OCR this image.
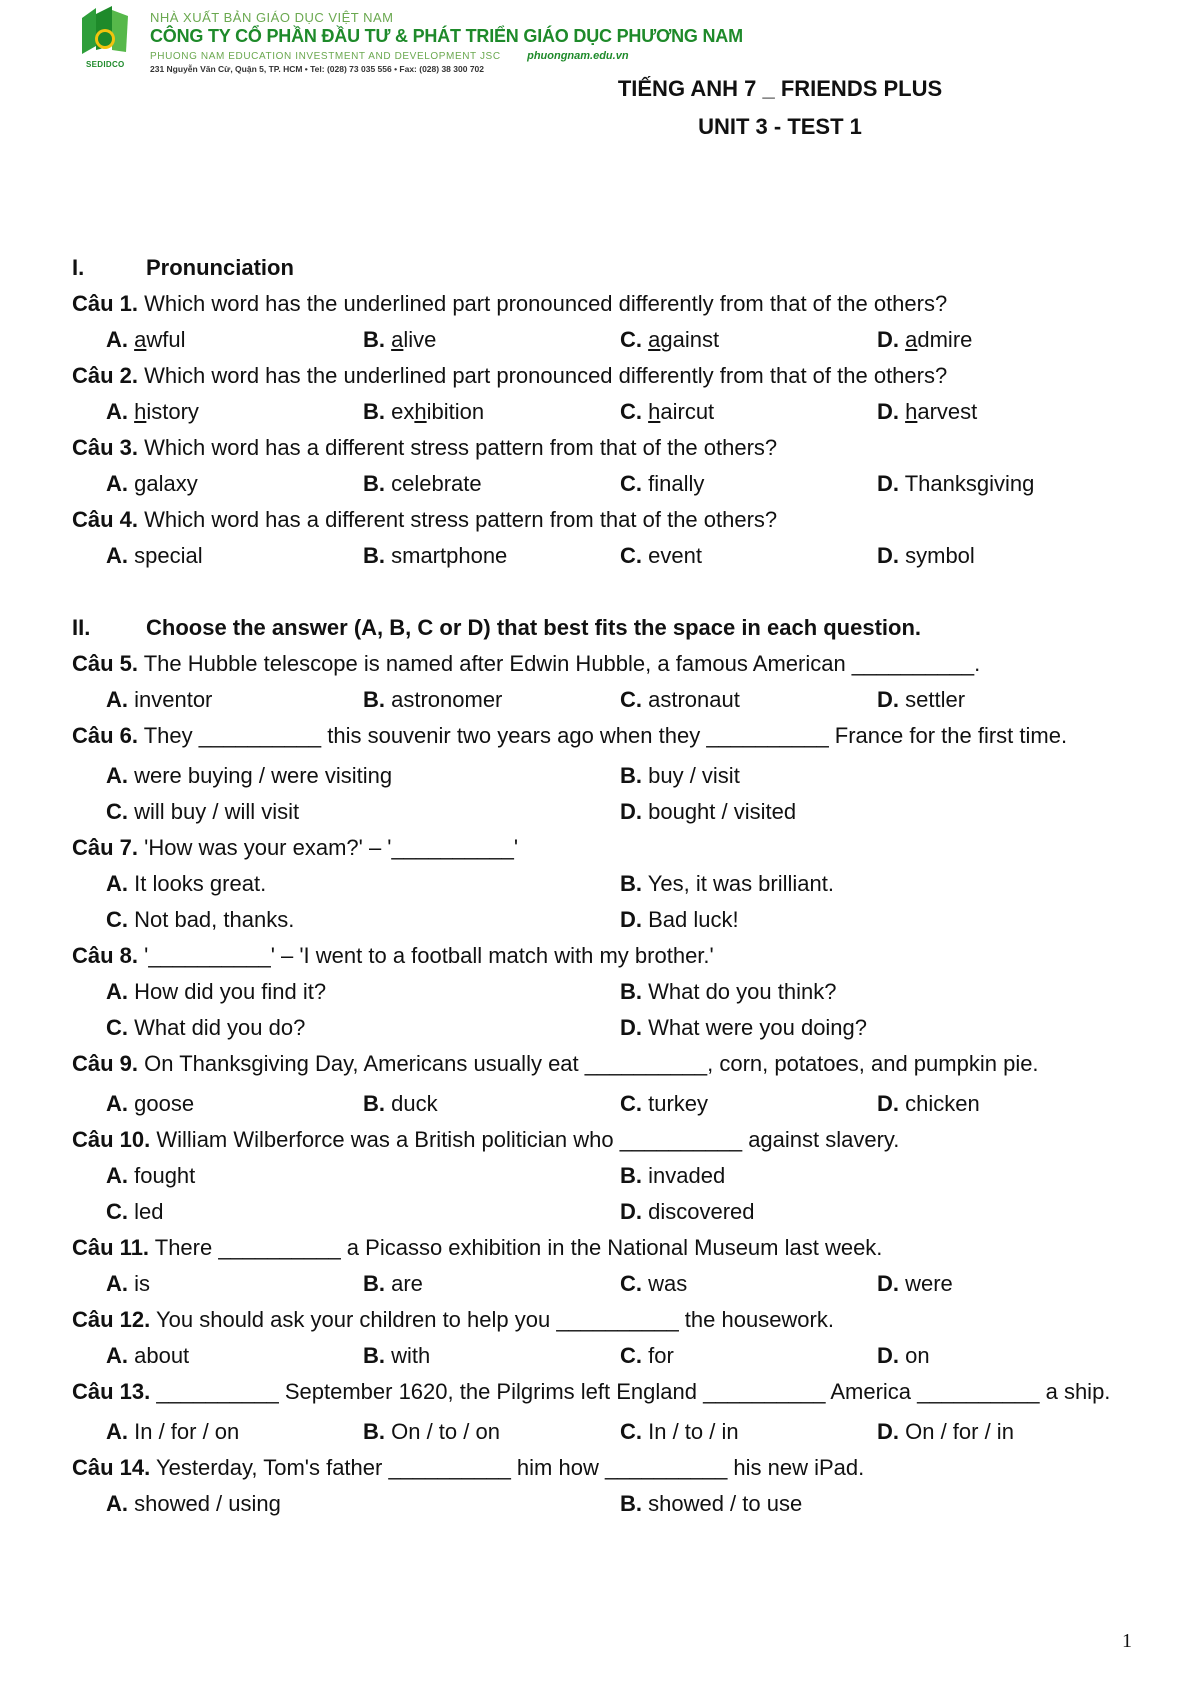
SEDIDCO
NHÀ XUẤT BẢN GIÁO DỤC VIỆT NAM
CÔNG TY CỔ PHẦN ĐẦU TƯ & PHÁT TRIỂN GIÁO DỤC PHƯƠNG NAM
PHUONG NAM EDUCATION INVESTMENT AND DEVELOPMENT JSC phuongnam.edu.vn
231 Nguyễn Văn Cừ, Quận 5, TP. HCM • Tel: (028) 73 035 556 • Fax: (028) 38 300 702
TIẾNG ANH 7 _ FRIENDS PLUS
UNIT 3 - TEST 1
I.	Pronunciation
Câu 1. Which word has the underlined part pronounced differently from that of the others?
A. awful	B. alive	C. against	D. admire
Câu 2. Which word has the underlined part pronounced differently from that of the others?
A. history	B. exhibition	C. haircut	D. harvest
Câu 3. Which word has a different stress pattern from that of the others?
A. galaxy	B. celebrate	C. finally	D. Thanksgiving
Câu 4. Which word has a different stress pattern from that of the others?
A. special	B. smartphone	C. event	D. symbol
II.	Choose the answer (A, B, C or D) that best fits the space in each question.
Câu 5. The Hubble telescope is named after Edwin Hubble, a famous American __________.
A. inventor	B. astronomer	C. astronaut	D. settler
Câu 6. They __________ this souvenir two years ago when they __________ France for the first time.
A. were buying / were visiting	B. buy / visit
C. will buy / will visit	D. bought / visited
Câu 7. 'How was your exam?' – '__________'
A. It looks great.	B. Yes, it was brilliant.
C. Not bad, thanks.	D. Bad luck!
Câu 8. '__________' – 'I went to a football match with my brother.'
A. How did you find it?	B. What do you think?
C. What did you do?	D. What were you doing?
Câu 9. On Thanksgiving Day, Americans usually eat __________, corn, potatoes, and pumpkin pie.
A. goose	B. duck	C. turkey	D. chicken
Câu 10. William Wilberforce was a British politician who __________ against slavery.
A. fought	B. invaded
C. led	D. discovered
Câu 11. There __________ a Picasso exhibition in the National Museum last week.
A. is	B. are	C. was	D. were
Câu 12. You should ask your children to help you __________ the housework.
A. about	B. with	C. for	D. on
Câu 13. __________ September 1620, the Pilgrims left England __________ America __________ a ship.
A. In / for / on	B. On / to / on	C. In / to / in	D. On / for / in
Câu 14. Yesterday, Tom's father __________ him how __________ his new iPad.
A. showed / using	B. showed / to use
1
